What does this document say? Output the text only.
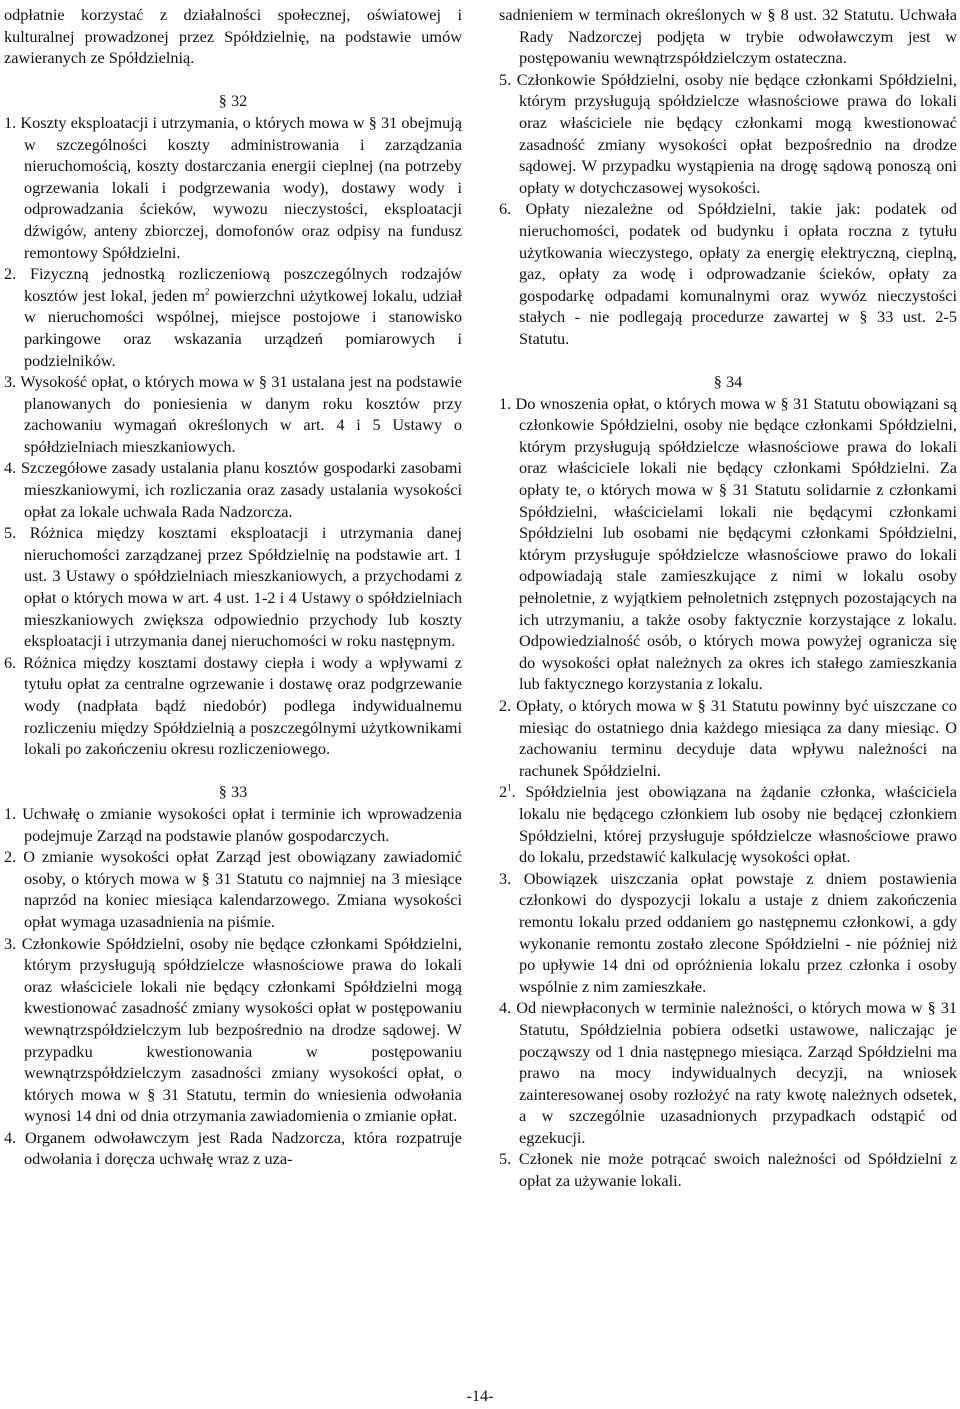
odpłatnie korzystać z działalności społecznej, oświatowej i kulturalnej prowadzonej przez Spółdzielnię, na podstawie umów zawieranych ze Spółdzielnią.

§ 32

1. Koszty eksploatacji i utrzymania, o których mowa w § 31 obejmują w szczególności koszty administrowania i zarządzania nieruchomością, koszty dostarczania energii cieplnej (na potrzeby ogrzewania lokali i podgrzewania wody), dostawy wody i odprowadzania ścieków, wywozu nieczystości, eksploatacji dźwigów, anteny zbiorczej, domofonów oraz odpisy na fundusz remontowy Spółdzielni.
2. Fizyczną jednostką rozliczeniową poszczególnych rodzajów kosztów jest lokal, jeden $m^2$ powierzchni użytkowej lokalu, udział w nieruchomości wspólnej, miejsce postojowe i stanowisko parkingowe oraz wskazania urządzeń pomiarowych i podzielników.
3. Wysokość opłat, o których mowa w § 31 ustalana jest na podstawie planowanych do poniesienia w danym roku kosztów przy zachowaniu wymagań określonych w art. 4 i 5 Ustawy o spółdzielniach mieszkaniowych.
4. Szczegółowe zasady ustalania planu kosztów gospodarki zasobami mieszkaniowymi, ich rozliczania oraz zasady ustalania wysokości opłat za lokale uchwala Rada Nadzorcza.
5. Różnica między kosztami eksploatacji i utrzymania danej nieruchomości zarządzanej przez Spółdzielnię na podstawie art. 1 ust. 3 Ustawy o spółdzielniach mieszkaniowych, a przychodami z opłat o których mowa w art. 4 ust. 1-2 i 4 Ustawy o spółdzielniach mieszkaniowych zwiększa odpowiednio przychody lub koszty eksploatacji i utrzymania danej nieruchomości w roku następnym.
6. Różnica między kosztami dostawy ciepła i wody a wpływami z tytułu opłat za centralne ogrzewanie i dostawę oraz podgrzewanie wody (nadpłata bądź niedobór) podlega indywidualnemu rozliczeniu między Spółdzielnią a poszczególnymi użytkownikami lokali po zakończeniu okresu rozliczeniowego.

§ 33

1. Uchwałę o zmianie wysokości opłat i terminie ich wprowadzenia podejmuje Zarząd na podstawie planów gospodarczych.
2. O zmianie wysokości opłat Zarząd jest obowiązany zawiadomić osoby, o których mowa w § 31 Statutu co najmniej na 3 miesiące naprzód na koniec miesiąca kalendarzowego. Zmiana wysokości opłat wymaga uzasadnienia na piśmie.
3. Członkowie Spółdzielni, osoby nie będące członkami Spółdzielni, którym przysługują spółdzielcze własnościowe prawa do lokali oraz właściciele lokali nie będący członkami Spółdzielni mogą kwestionować zasadność zmiany wysokości opłat w postępowaniu wewnątrzspółdzielczym lub bezpośrednio na drodze sądowej. W przypadku kwestionowania w postępowaniu wewnątrzspółdzielczym zasadności zmiany wysokości opłat, o których mowa w § 31 Statutu, termin do wniesienia odwołania wynosi 14 dni od dnia otrzymania zawiadomienia o zmianie opłat.
4. Organem odwoławczym jest Rada Nadzorcza, która rozpatruje odwołania i doręcza uchwałę wraz z uza-
sadnieniem w terminach określonych w § 8 ust. 32 Statutu. Uchwała Rady Nadzorczej podjęta w trybie odwoławczym jest w postępowaniu wewnątrzspółdzielczym ostateczna.
5. Członkowie Spółdzielni, osoby nie będące członkami Spółdzielni, którym przysługują spółdzielcze własnościowe prawa do lokali oraz właściciele nie będący członkami mogą kwestionować zasadność zmiany wysokości opłat bezpośrednio na drodze sądowej. W przypadku wystąpienia na drogę sądową ponoszą oni opłaty w dotychczasowej wysokości.
6. Opłaty niezależne od Spółdzielni, takie jak: podatek od nieruchomości, podatek od budynku i opłata roczna z tytułu użytkowania wieczystego, opłaty za energię elektryczną, cieplną, gaz, opłaty za wodę i odprowadzanie ścieków, opłaty za gospodarkę odpadami komunalnymi oraz wywóz nieczystości stałych - nie podlegają procedurze zawartej w § 33 ust. 2-5 Statutu.

§ 34

1. Do wnoszenia opłat, o których mowa w § 31 Statutu obowiązani są członkowie Spółdzielni, osoby nie będące członkami Spółdzielni, którym przysługują spółdzielcze własnościowe prawa do lokali oraz właściciele lokali nie będący członkami Spółdzielni. Za opłaty te, o których mowa w § 31 Statutu solidarnie z członkami Spółdzielni, właścicielami lokali nie będącymi członkami Spółdzielni lub osobami nie będącymi członkami Spółdzielni, którym przysługuje spółdzielcze własnościowe prawo do lokali odpowiadają stale zamieszkujące z nimi w lokalu osoby pełnoletnie, z wyjątkiem pełnoletnich zstępnych pozostających na ich utrzymaniu, a także osoby faktycznie korzystające z lokalu. Odpowiedzialność osób, o których mowa powyżej ogranicza się do wysokości opłat należnych za okres ich stałego zamieszkania lub faktycznego korzystania z lokalu.
2. Opłaty, o których mowa w § 31 Statutu powinny być uiszczane co miesiąc do ostatniego dnia każdego miesiąca za dany miesiąc. O zachowaniu terminu decyduje data wpływu należności na rachunek Spółdzielni.
$2^1$. Spółdzielnia jest obowiązana na żądanie członka, właściciela lokalu nie będącego członkiem lub osoby nie będącej członkiem Spółdzielni, której przysługuje spółdzielcze własnościowe prawo do lokalu, przedstawić kalkulację wysokości opłat.
3. Obowiązek uiszczania opłat powstaje z dniem postawienia członkowi do dyspozycji lokalu a ustaje z dniem zakończenia remontu lokalu przed oddaniem go następnemu członkowi, a gdy wykonanie remontu zostało zlecone Spółdzielni - nie później niż po upływie 14 dni od opróżnienia lokalu przez członka i osoby wspólnie z nim zamieszkałe.
4. Od niewpłaconych w terminie należności, o których mowa w § 31 Statutu, Spółdzielnia pobiera odsetki ustawowe, naliczając je począwszy od 1 dnia następnego miesiąca. Zarząd Spółdzielni ma prawo na mocy indywidualnych decyzji, na wniosek zainteresowanej osoby rozłożyć na raty kwotę należnych odsetek, a w szczególnie uzasadnionych przypadkach odstąpić od egzekucji.
5. Członek nie może potrącać swoich należności od Spółdzielni z opłat za używanie lokali.
-14-
